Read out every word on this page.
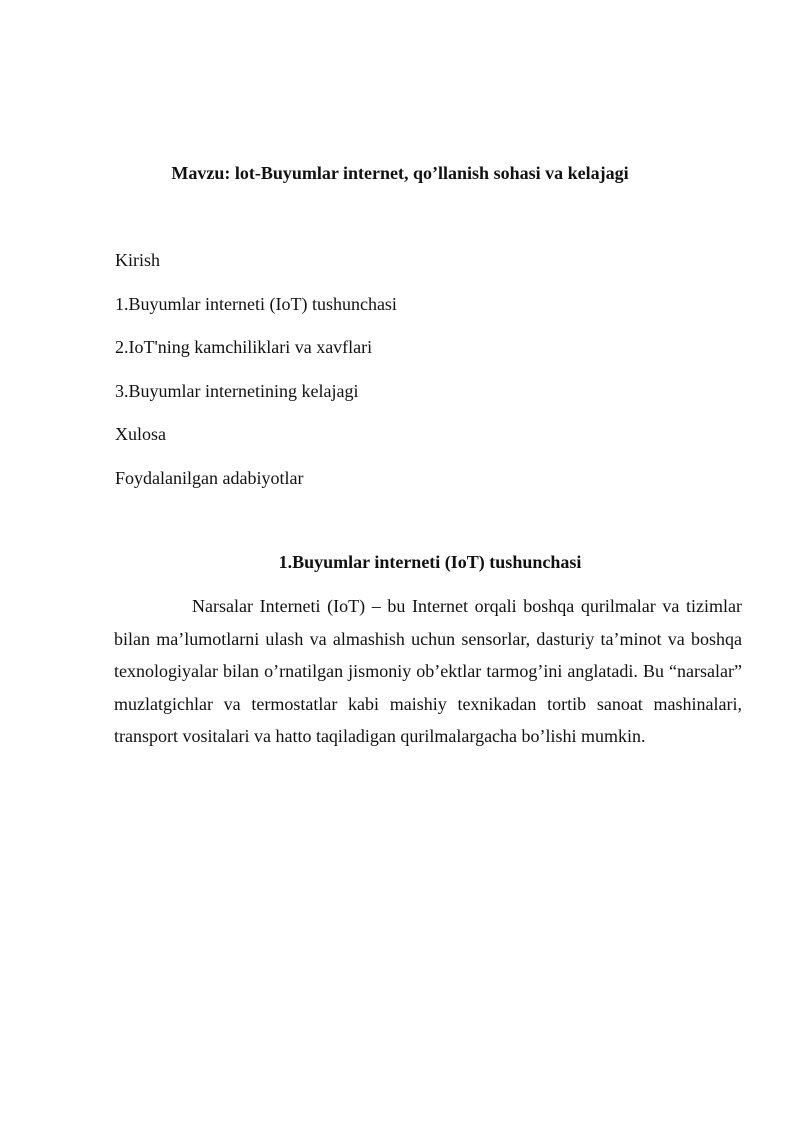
Mavzu: lot-Buyumlar internet, qo’llanish sohasi va kelajagi
Kirish
1.Buyumlar interneti (IoT) tushunchasi
2.IoT'ning kamchiliklari va xavflari
3.Buyumlar internetining kelajagi
Xulosa
Foydalanilgan adabiyotlar
1.Buyumlar interneti (IoT) tushunchasi

Narsalar Interneti (IoT) – bu Internet orqali boshqa qurilmalar va tizimlar bilan ma’lumotlarni ulash va almashish uchun sensorlar, dasturiy ta’minot va boshqa texnologiyalar bilan o’rnatilgan jismoniy ob’ektlar tarmog’ini anglatadi. Bu “narsalar” muzlatgichlar va termostatlar kabi maishiy texnikadan tortib sanoat mashinalari, transport vositalari va hatto taqiladigan qurilmalargacha bo’lishi mumkin.
